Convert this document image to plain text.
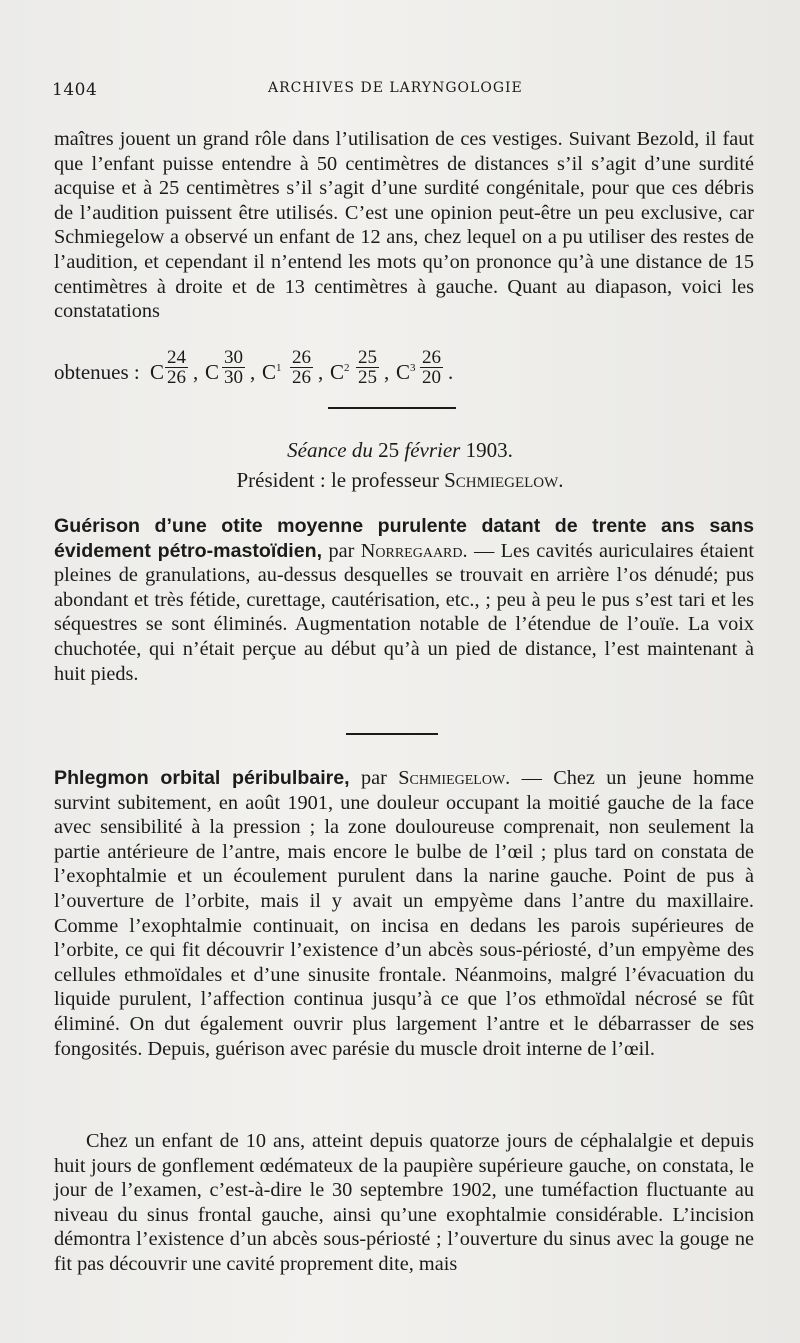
1404	ARCHIVES DE LARYNGOLOGIE
maîtres jouent un grand rôle dans l’utilisation de ces vestiges. Suivant Bezold, il faut que l’enfant puisse entendre à 50 centimètres de distances s’il s’agit d’une surdité acquise et à 25 centimètres s’il s’agit d’une surdité congénitale, pour que ces débris de l’audition puissent être utilisés. C’est une opinion peut-être un peu exclusive, car Schmiegelow a observé un enfant de 12 ans, chez lequel on a pu utiliser des restes de l’audition, et cependant il n’entend les mots qu’on prononce qu’à une distance de 15 centimètres à droite et de 13 centimètres à gauche. Quant au diapason, voici les constatations
obtenues : C $\frac{24}{26}$ , C $\frac{30}{30}$ , $C^1 \frac{26}{26}$ , $C^2 \frac{25}{25}$ , $C^3 \frac{26}{20}$ .
Séance du 25 février 1903.
Président : le professeur Schmiegelow.
Guérison d’une otite moyenne purulente datant de trente ans sans évidement pétro-mastoïdien, par Norregaard. — Les cavités auriculaires étaient pleines de granulations, au-dessus desquelles se trouvait en arrière l’os dénudé; pus abondant et très fétide, curettage, cautérisation, etc., ; peu à peu le pus s’est tari et les séquestres se sont éliminés. Augmentation notable de l’étendue de l’ouïe. La voix chuchotée, qui n’était perçue au début qu’à un pied de distance, l’est maintenant à huit pieds.
Phlegmon orbital péribulbaire, par Schmiegelow. — Chez un jeune homme survint subitement, en août 1901, une douleur occupant la moitié gauche de la face avec sensibilité à la pression ; la zone douloureuse comprenait, non seulement la partie antérieure de l’antre, mais encore le bulbe de l’œil ; plus tard on constata de l’exophtalmie et un écoulement purulent dans la narine gauche. Point de pus à l’ouverture de l’orbite, mais il y avait un empyème dans l’antre du maxillaire. Comme l’exophtalmie continuait, on incisa en dedans les parois supérieures de l’orbite, ce qui fit découvrir l’existence d’un abcès sous-périosté, d’un empyème des cellules ethmoïdales et d’une sinusite frontale. Néanmoins, malgré l’évacuation du liquide purulent, l’affection continua jusqu’à ce que l’os ethmoïdal nécrosé se fût éliminé. On dut également ouvrir plus largement l’antre et le débarrasser de ses fongosités. Depuis, guérison avec parésie du muscle droit interne de l’œil.
Chez un enfant de 10 ans, atteint depuis quatorze jours de céphalalgie et depuis huit jours de gonflement œdémateux de la paupière supérieure gauche, on constata, le jour de l’examen, c’est-à-dire le 30 septembre 1902, une tuméfaction fluctuante au niveau du sinus frontal gauche, ainsi qu’une exophtalmie considérable. L’incision démontra l’existence d’un abcès sous-périosté ; l’ouverture du sinus avec la gouge ne fit pas découvrir une cavité proprement dite, mais
